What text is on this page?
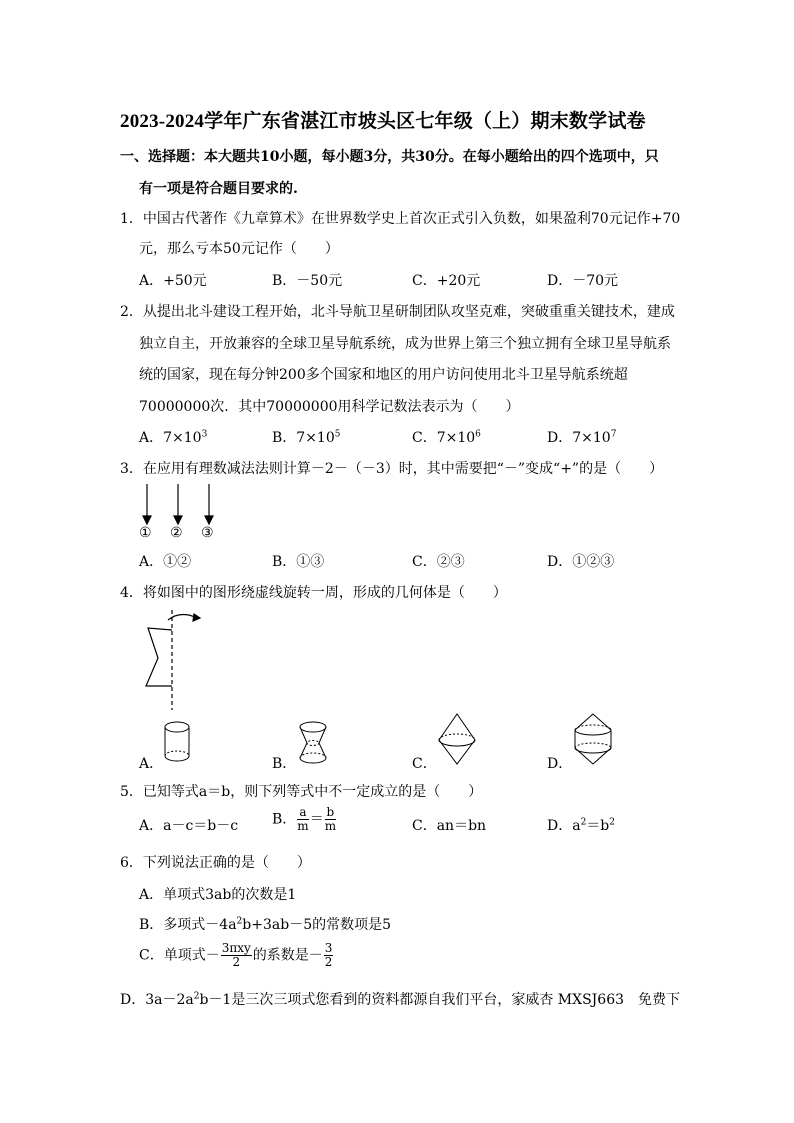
2023-2024学年广东省湛江市坡头区七年级（上）期末数学试卷
一、选择题：本大题共10小题，每小题3分，共30分。在每小题给出的四个选项中，只
有一项是符合题目要求的.
1．中国古代著作《九章算术》在世界数学史上首次正式引入负数，如果盈利70元记作+70
元，那么亏本50元记作（　　）
A．+50元	B．－50元	C．+20元	D．－70元
2．从提出北斗建设工程开始，北斗导航卫星研制团队攻坚克难，突破重重关键技术，建成
独立自主，开放兼容的全球卫星导航系统，成为世界上第三个独立拥有全球卫星导航系
统的国家，现在每分钟200多个国家和地区的用户访问使用北斗卫星导航系统超
70000000次．其中70000000用科学记数法表示为（　　）
A．$7\times 10^3$	B．$7\times 10^5$	C．$7\times 10^6$	D．$7\times 10^7$
3．在应用有理数减法法则计算－2－（－3）时，其中需要把“－”变成“+”的是（　　）
① ② ③
A．①②	B．①③	C．②③	D．①②③
4．将如图中的图形绕虚线旋转一周，形成的几何体是（　　）
A．	B．	C．	D．
5．已知等式a＝b，则下列等式中不一定成立的是（　　）
A．a－c＝b－c B． $\frac{a}{m} = \frac{b}{m}$	C．an＝bn	D．$a^2=b^2$
6．下列说法正确的是（　　）
A．单项式3ab的次数是1
B．多项式$-4a^2b+3ab-5$的常数项是5
C．单项式－ $\frac{\text{3πxy}}{2}$ 的系数是－ $\frac{3}{2}$
D．$3a-2a^2b-1$是三次三项式您看到的资料都源自我们平台，家威杏 MXSJ663　免费下
